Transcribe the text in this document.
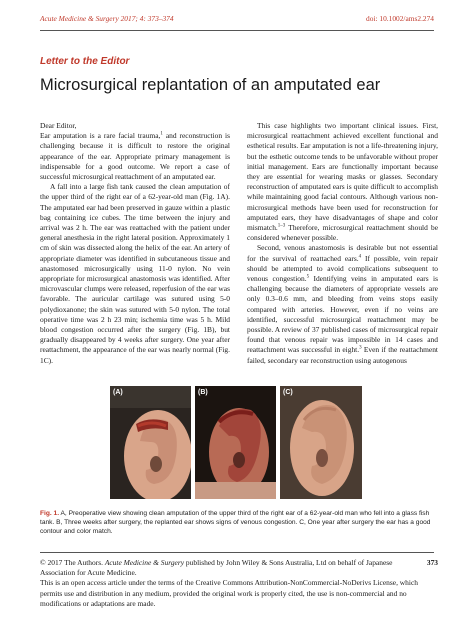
Acute Medicine & Surgery 2017; 4: 373–374	doi: 10.1002/ams2.274
Letter to the Editor
Microsurgical replantation of an amputated ear

Dear Editor,

Ear amputation is a rare facial trauma,$^1$ and reconstruction is challenging because it is difficult to restore the original appearance of the ear. Appropriate primary management is indispensable for a good outcome. We report a case of successful microsurgical reattachment of an amputated ear.

A fall into a large fish tank caused the clean amputation of the upper third of the right ear of a 62-year-old man (Fig. 1A). The amputated ear had been preserved in gauze within a plastic bag containing ice cubes. The time between the injury and arrival was 2 h. The ear was reattached with the patient under general anesthesia in the right lateral position. Approximately 1 cm of skin was dissected along the helix of the ear. An artery of appropriate diameter was identified in subcutaneous tissue and anastomosed microsurgically using 11-0 nylon. No vein appropriate for microsurgical anastomosis was identified. After microvascular clumps were released, reperfusion of the ear was favorable. The auricular cartilage was sutured using 5-0 polydioxanone; the skin was sutured with 5-0 nylon. The total operative time was 2 h 23 min; ischemia time was 5 h. Mild blood congestion occurred after the surgery (Fig. 1B), but gradually disappeared by 4 weeks after surgery. One year after reattachment, the appearance of the ear was nearly normal (Fig. 1C).

This case highlights two important clinical issues. First, microsurgical reattachment achieved excellent functional and esthetical results. Ear amputation is not a life-threatening injury, but the esthetic outcome tends to be unfavorable without proper initial management. Ears are functionally important because they are essential for wearing masks or glasses. Secondary reconstruction of amputated ears is quite difficult to accomplish while maintaining good facial contours. Although various non-microsurgical methods have been used for reconstruction for amputated ears, they have disadvantages of shape and color mismatch.$^{1-3}$ Therefore, microsurgical reattachment should be considered whenever possible.

Second, venous anastomosis is desirable but not essential for the survival of reattached ears.$^4$ If possible, vein repair should be attempted to avoid complications subsequent to venous congestion.$^5$ Identifying veins in amputated ears is challenging because the diameters of appropriate vessels are only 0.3–0.6 mm, and bleeding from veins stops easily compared with arteries. However, even if no veins are identified, successful microsurgical reattachment may be possible. A review of 37 published cases of microsurgical repair found that venous repair was impossible in 14 cases and reattachment was successful in eight.$^3$ Even if the reattachment failed, secondary ear reconstruction using autogenous

(A)	(B)	(C)
Fig. 1. A, Preoperative view showing clean amputation of the upper third of the right ear of a 62-year-old man who fell into a glass fish tank. B, Three weeks after surgery, the replanted ear shows signs of venous congestion. C, One year after surgery the ear has a good contour and color match.

© 2017 The Authors. Acute Medicine & Surgery published by John Wiley & Sons Australia, Ltd on behalf of Japanese Association for Acute Medicine.

This is an open access article under the terms of the Creative Commons Attribution-NonCommercial-NoDerivs License, which permits use and distribution in any medium, provided the original work is properly cited, the use is non-commercial and no modifications or adaptations are made.

373
